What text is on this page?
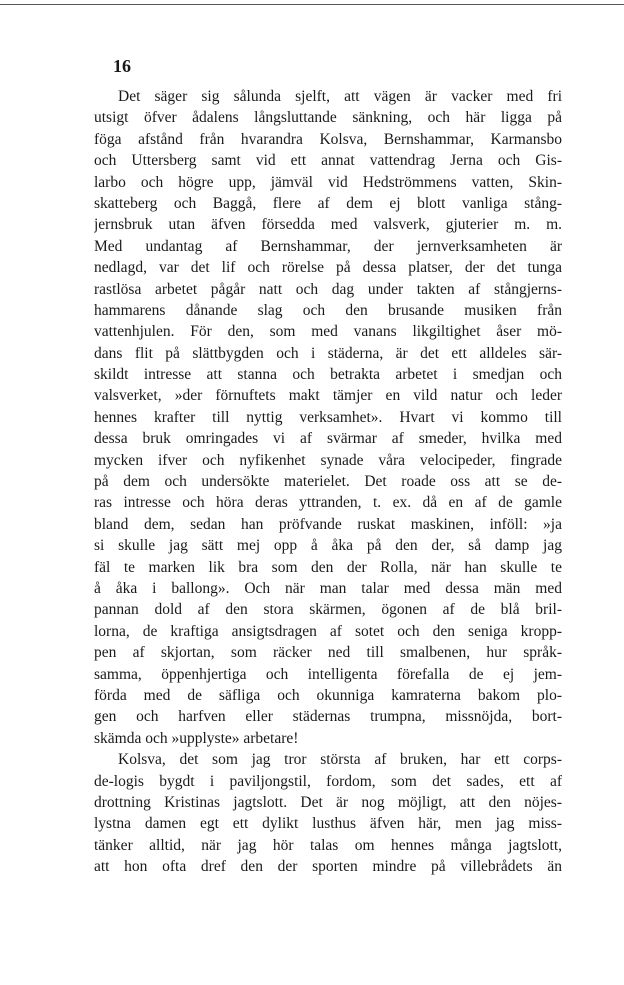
16
Det säger sig sålunda sjelft, att vägen är vacker med fri
utsigt öfver ådalens långsluttande sänkning, och här ligga på
föga afstånd från hvarandra Kolsva, Bernshammar, Karmansbo
och Uttersberg samt vid ett annat vattendrag Jerna och Gis-
larbo och högre upp, jämväl vid Hedströmmens vatten, Skin-
skatteberg och Baggå, flere af dem ej blott vanliga stång-
jernsbruk utan äfven försedda med valsverk, gjuterier m. m.
Med undantag af Bernshammar, der jernverksamheten är
nedlagd, var det lif och rörelse på dessa platser, der det tunga
rastlösa arbetet pågår natt och dag under takten af stångjerns-
hammarens dånande slag och den brusande musiken från
vattenhjulen. För den, som med vanans likgiltighet åser mö-
dans flit på slättbygden och i städerna, är det ett alldeles sär-
skildt intresse att stanna och betrakta arbetet i smedjan och
valsverket, »der förnuftets makt tämjer en vild natur och leder
hennes krafter till nyttig verksamhet». Hvart vi kommo till
dessa bruk omringades vi af svärmar af smeder, hvilka med
mycken ifver och nyfikenhet synade våra velocipeder, fingrade
på dem och undersökte materielet. Det roade oss att se de-
ras intresse och höra deras yttranden, t. ex. då en af de gamle
bland dem, sedan han pröfvande ruskat maskinen, inföll: »ja
si skulle jag sätt mej opp å åka på den der, så damp jag
fäl te marken lik bra som den der Rolla, när han skulle te
å åka i ballong». Och när man talar med dessa män med
pannan dold af den stora skärmen, ögonen af de blå bril-
lorna, de kraftiga ansigtsdragen af sotet och den seniga kropp-
pen af skjortan, som räcker ned till smalbenen, hur språk-
samma, öppenhjertiga och intelligenta förefalla de ej jem-
förda med de säfliga och okunniga kamraterna bakom plo-
gen och harfven eller städernas trumpna, missnöjda, bort-
skämda och »upplyste» arbetare!
Kolsva, det som jag tror största af bruken, har ett corps-
de-logis bygdt i paviljongstil, fordom, som det sades, ett af
drottning Kristinas jagtslott. Det är nog möjligt, att den nöjes-
lystna damen egt ett dylikt lusthus äfven här, men jag miss-
tänker alltid, när jag hör talas om hennes många jagtslott,
att hon ofta dref den der sporten mindre på villebrådets än
